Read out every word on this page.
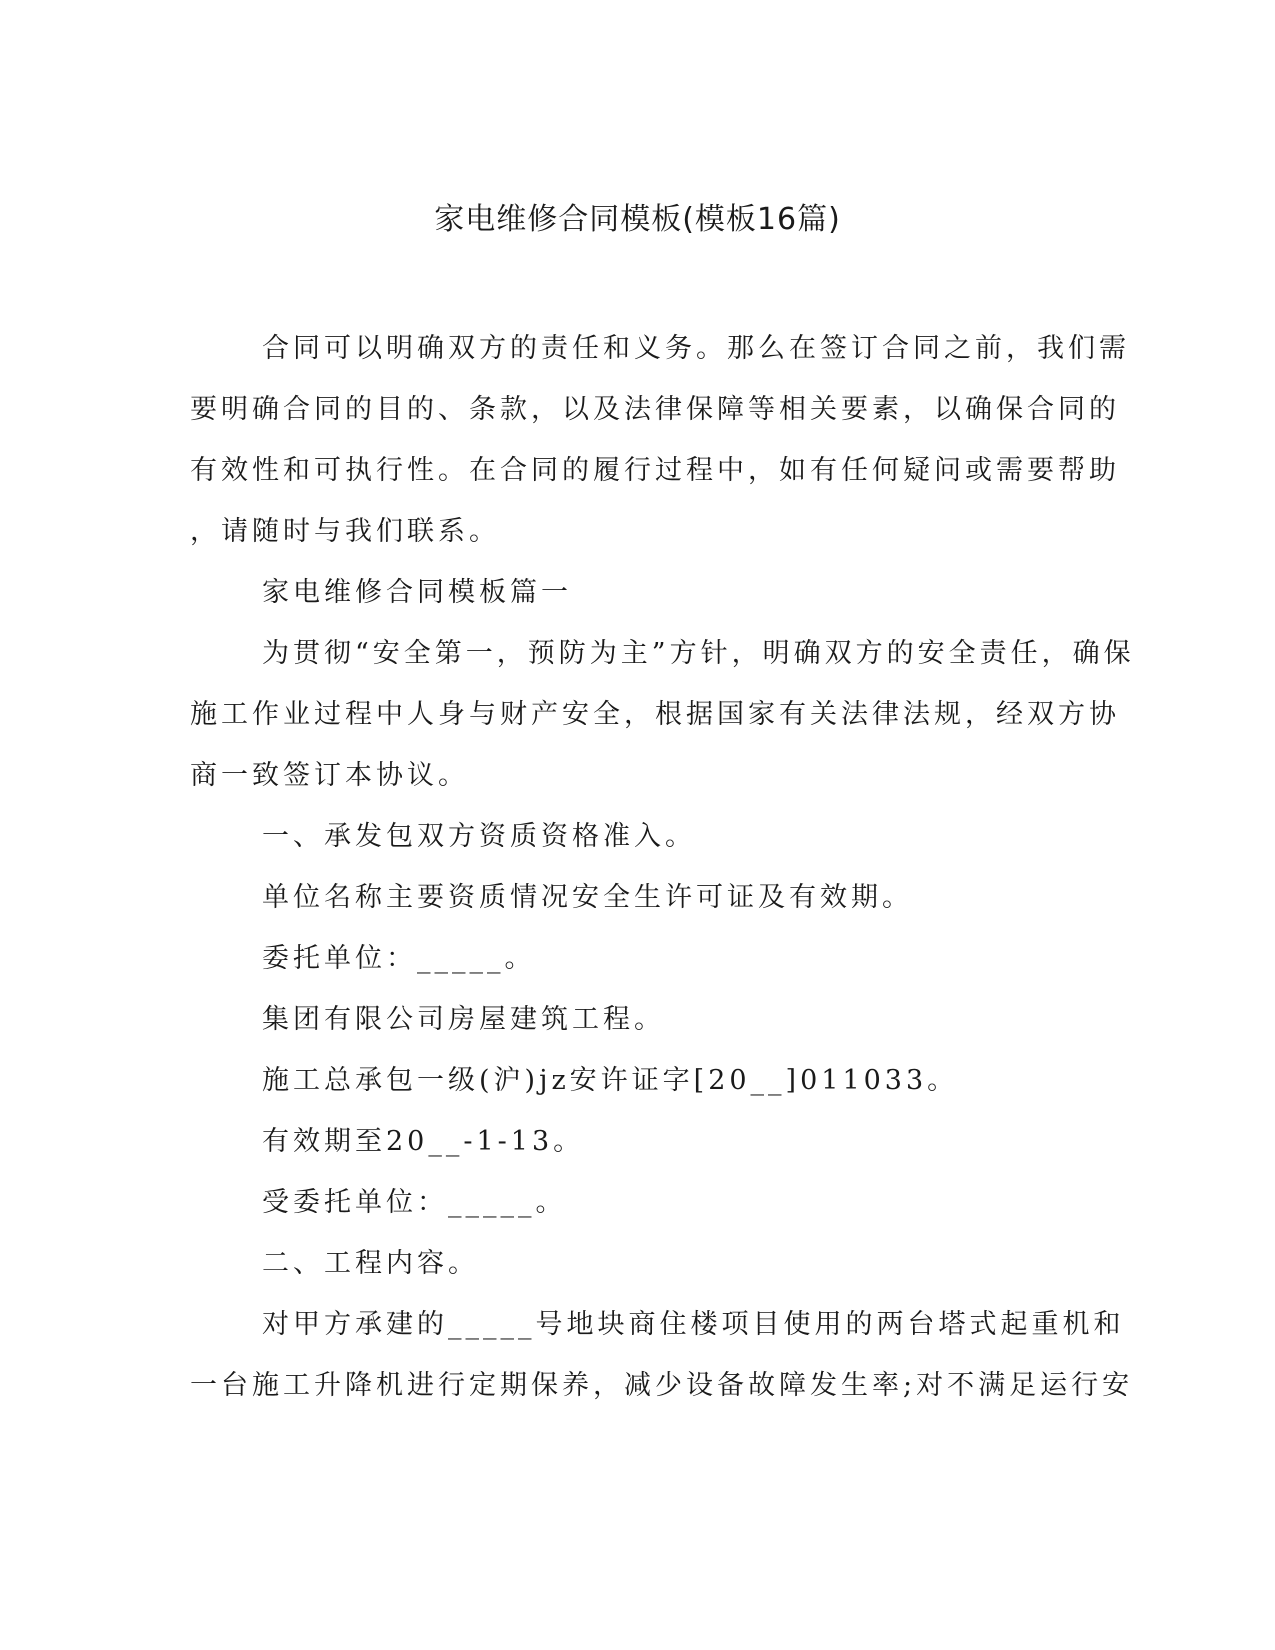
家电维修合同模板(模板16篇)

合同可以明确双方的责任和义务。那么在签订合同之前，我们需

要明确合同的目的、条款，以及法律保障等相关要素，以确保合同的

有效性和可执行性。在合同的履行过程中，如有任何疑问或需要帮助

，请随时与我们联系。

家电维修合同模板篇一

为贯彻“安全第一，预防为主”方针，明确双方的安全责任，确保

施工作业过程中人身与财产安全，根据国家有关法律法规，经双方协

商一致签订本协议。

一、承发包双方资质资格准入。

单位名称主要资质情况安全生许可证及有效期。

委托单位：_____。

集团有限公司房屋建筑工程。

施工总承包一级(沪)jz安许证字[20__]011033。

有效期至20__-1-13。

受委托单位：_____。

二、工程内容。

对甲方承建的_____号地块商住楼项目使用的两台塔式起重机和

一台施工升降机进行定期保养，减少设备故障发生率;对不满足运行安
